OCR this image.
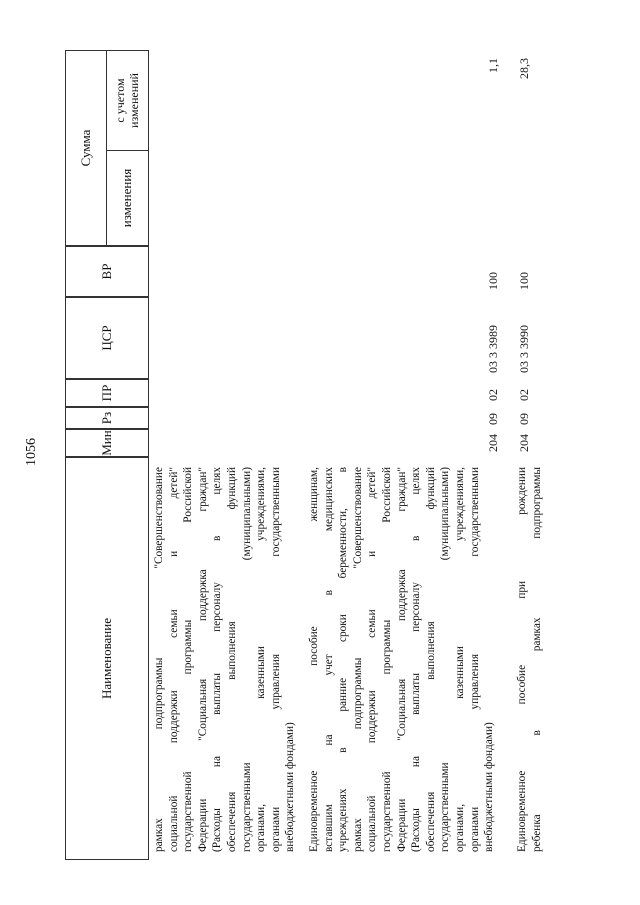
1056
Наименование
Мин
Рз
ПР
ЦСР
ВР
Сумма
изменения
с учетом изменений
рамках подпрограммы "Совершенствование социальной поддержки семьи и детей" государственной программы Российской Федерации "Социальная поддержка граждан" (Расходы на выплаты персоналу в целях обеспечения выполнения функций государственными (муниципальными) органами, казенными учреждениями, органами управления государственными внебюджетными фондами) Единовременное пособие женщинам, вставшим на учет в медицинских учреждениях в ранние сроки беременности, в рамках подпрограммы "Совершенствование социальной поддержки семьи и детей" государственной программы Российской Федерации "Социальная поддержка граждан" (Расходы на выплаты персоналу в целях обеспечения выполнения функций государственными (муниципальными) органами, казенными учреждениями, органами управления государственными внебюджетными фондами)
204
09
02
03 3 3989
100
1,1
Единовременное пособие при рождении ребенка в рамках подпрограммы
204
09
02
03 3 3990
100
28,3
